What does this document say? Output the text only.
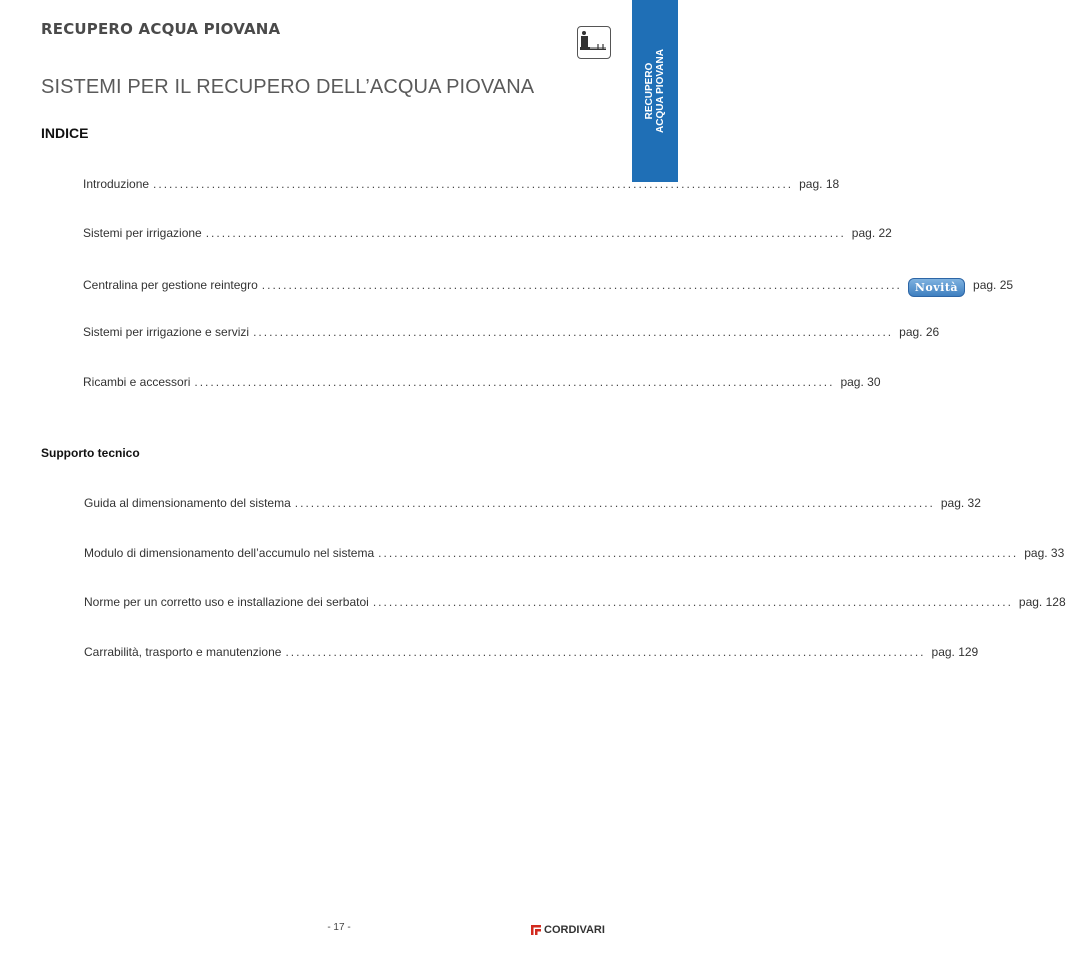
RECUPERO ACQUA PIOVANA
RECUPERO ACQUA PIOVANA
SISTEMI PER IL RECUPERO DELL’ACQUA PIOVANA
INDICE
Introduzione ........................................................................................................................ pag. 18
Sistemi per irrigazione ........................................................................................................................ pag. 22
Centralina per gestione reintegro ........................................................................................................................	Novità	pag. 25
Sistemi per irrigazione e servizi ........................................................................................................................ pag. 26
Ricambi e accessori ........................................................................................................................ pag. 30
Supporto tecnico
Guida al dimensionamento del sistema ........................................................................................................................ pag. 32
Modulo di dimensionamento dell’accumulo nel sistema ........................................................................................................................ pag. 33
Norme per un corretto uso e installazione dei serbatoi ........................................................................................................................ pag. 128
Carrabilità, trasporto e manutenzione ........................................................................................................................ pag. 129
- 17 -	CORDIVARI
